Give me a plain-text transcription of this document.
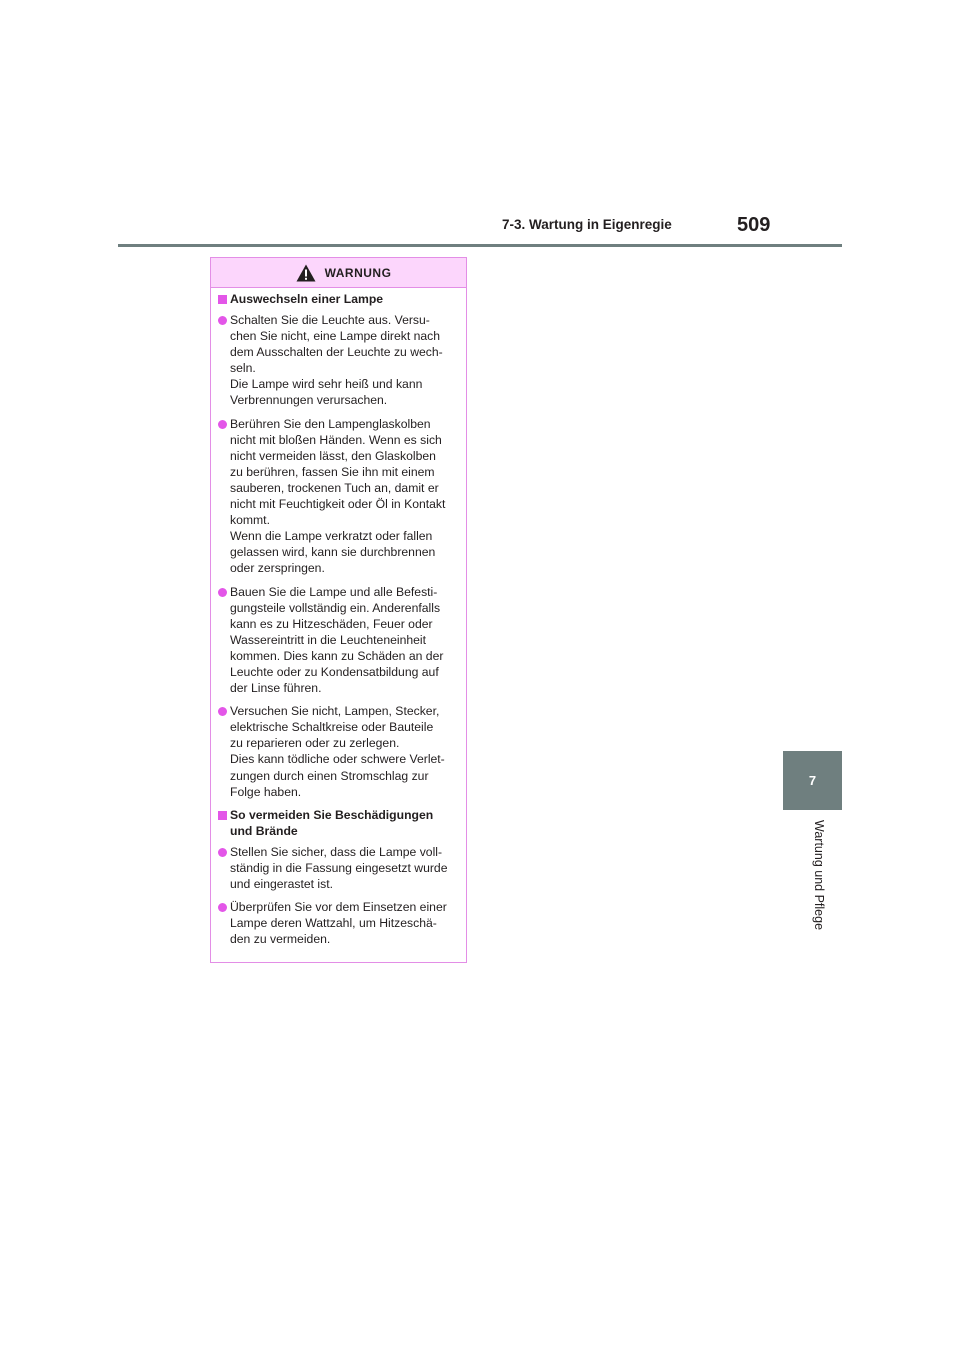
7-3. Wartung in Eigenregie	509
7
Wartung und Pflege
WARNUNG
Auswechseln einer Lampe
Schalten Sie die Leuchte aus. Versu-
chen Sie nicht, eine Lampe direkt nach
dem Ausschalten der Leuchte zu wech-
seln.
Die Lampe wird sehr heiß und kann
Verbrennungen verursachen.
Berühren Sie den Lampenglaskolben
nicht mit bloßen Händen. Wenn es sich
nicht vermeiden lässt, den Glaskolben
zu berühren, fassen Sie ihn mit einem
sauberen, trockenen Tuch an, damit er
nicht mit Feuchtigkeit oder Öl in Kontakt
kommt.
Wenn die Lampe verkratzt oder fallen
gelassen wird, kann sie durchbrennen
oder zerspringen.
Bauen Sie die Lampe und alle Befesti-
gungsteile vollständig ein. Anderenfalls
kann es zu Hitzeschäden, Feuer oder
Wassereintritt in die Leuchteneinheit
kommen. Dies kann zu Schäden an der
Leuchte oder zu Kondensatbildung auf
der Linse führen.
Versuchen Sie nicht, Lampen, Stecker,
elektrische Schaltkreise oder Bauteile
zu reparieren oder zu zerlegen.
Dies kann tödliche oder schwere Verlet-
zungen durch einen Stromschlag zur
Folge haben.
So vermeiden Sie Beschädigungen
und Brände
Stellen Sie sicher, dass die Lampe voll-
ständig in die Fassung eingesetzt wurde
und eingerastet ist.
Überprüfen Sie vor dem Einsetzen einer
Lampe deren Wattzahl, um Hitzeschä-
den zu vermeiden.
